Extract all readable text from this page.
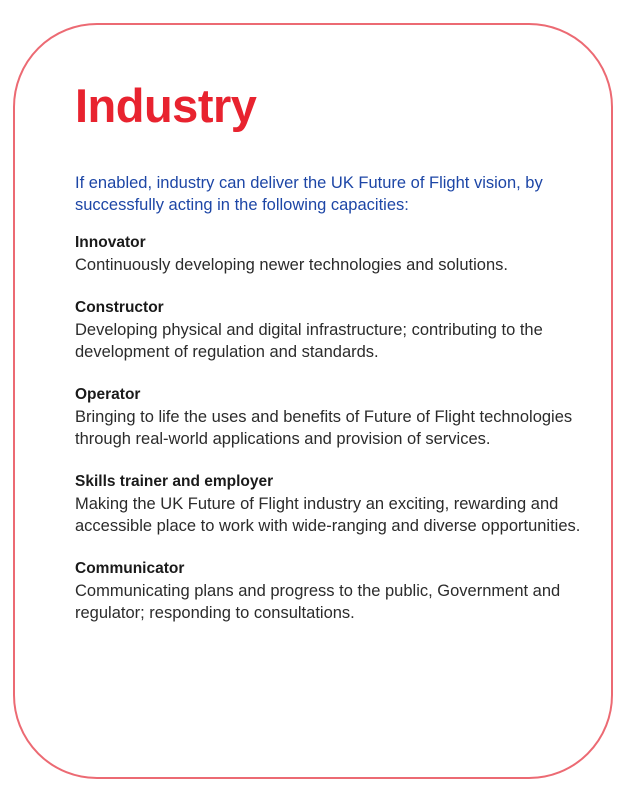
Industry

If enabled, industry can deliver the UK Future of Flight vision, by successfully acting in the following capacities:

Innovator
Continuously developing newer technologies and solutions.
Constructor
Developing physical and digital infrastructure; contributing to the development of regulation and standards.
Operator
Bringing to life the uses and benefits of Future of Flight technologies through real-world applications and provision of services.
Skills trainer and employer
Making the UK Future of Flight industry an exciting, rewarding and accessible place to work with wide-ranging and diverse opportunities.
Communicator
Communicating plans and progress to the public, Government and regulator; responding to consultations.
